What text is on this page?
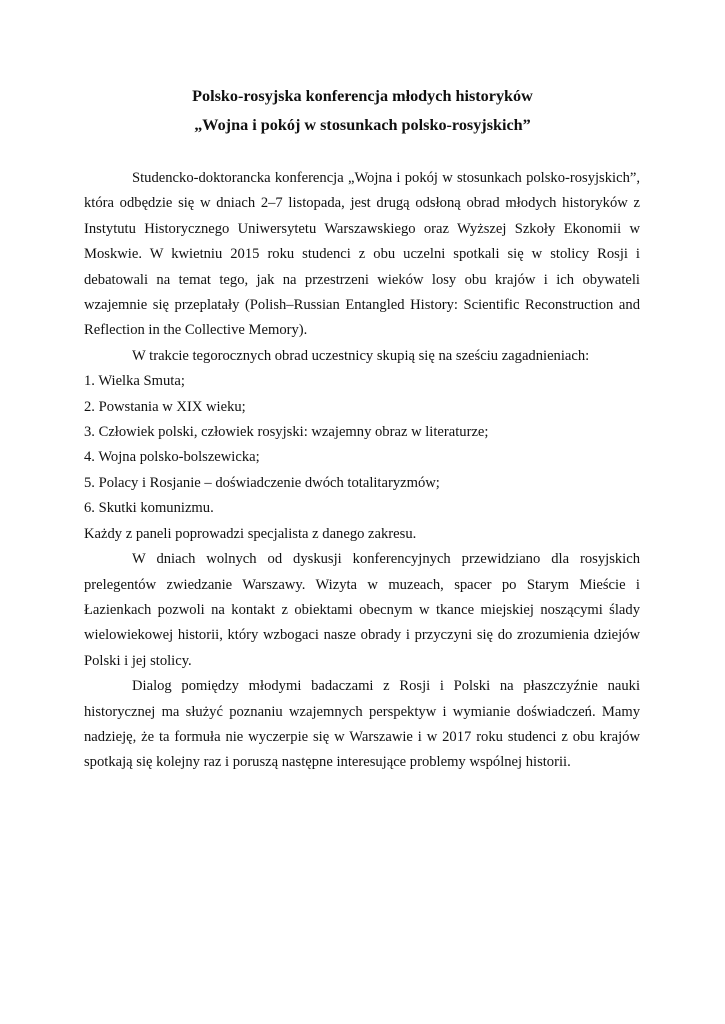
Polsko-rosyjska konferencja młodych historyków
„Wojna i pokój w stosunkach polsko-rosyjskich”

Studencko-doktorancka konferencja „Wojna i pokój w stosunkach polsko-rosyjskich”, która odbędzie się w dniach 2–7 listopada, jest drugą odsłoną obrad młodych historyków z Instytutu Historycznego Uniwersytetu Warszawskiego oraz Wyższej Szkoły Ekonomii w Moskwie. W kwietniu 2015 roku studenci z obu uczelni spotkali się w stolicy Rosji i debatowali na temat tego, jak na przestrzeni wieków losy obu krajów i ich obywateli wzajemnie się przeplatały (Polish–Russian Entangled History: Scientific Reconstruction and Reflection in the Collective Memory).

W trakcie tegorocznych obrad uczestnicy skupią się na sześciu zagadnieniach:

1. Wielka Smuta;
2. Powstania w XIX wieku;
3. Człowiek polski, człowiek rosyjski: wzajemny obraz w literaturze;
4. Wojna polsko-bolszewicka;
5. Polacy i Rosjanie – doświadczenie dwóch totalitaryzmów;
6. Skutki komunizmu.

Każdy z paneli poprowadzi specjalista z danego zakresu.

W dniach wolnych od dyskusji konferencyjnych przewidziano dla rosyjskich prelegentów zwiedzanie Warszawy. Wizyta w muzeach, spacer po Starym Mieście i Łazienkach pozwoli na kontakt z obiektami obecnym w tkance miejskiej noszącymi ślady wielowiekowej historii, który wzbogaci nasze obrady i przyczyni się do zrozumienia dziejów Polski i jej stolicy.

Dialog pomiędzy młodymi badaczami z Rosji i Polski na płaszczyźnie nauki historycznej ma służyć poznaniu wzajemnych perspektyw i wymianie doświadczeń. Mamy nadzieję, że ta formuła nie wyczerpie się w Warszawie i w 2017 roku studenci z obu krajów spotkają się kolejny raz i poruszą następne interesujące problemy wspólnej historii.
